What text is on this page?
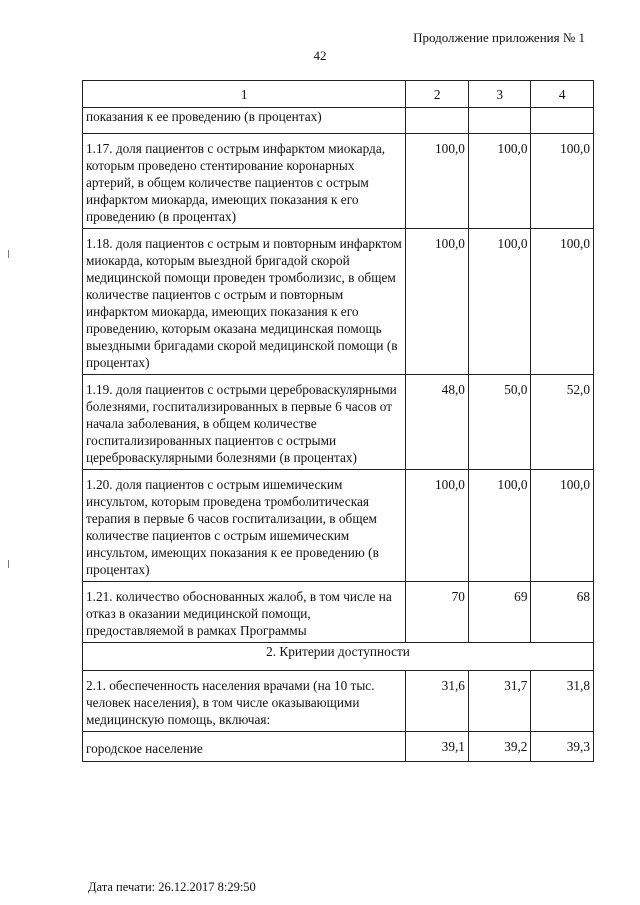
Продолжение приложения № 1
42
1	2	3	4
показания к ее проведению (в процентах)			
1.17. доля пациентов с острым инфарктом миокарда, которым проведено стентирование коронарных артерий, в общем количестве пациентов с острым инфарктом миокарда, имеющих показания к его проведению (в процентах)	100,0	100,0	100,0
1.18. доля пациентов с острым и повторным инфарктом миокарда, которым выездной бригадой скорой медицинской помощи проведен тромболизис, в общем количестве пациентов с острым и повторным инфарктом миокарда, имеющих показания к его проведению, которым оказана медицинская помощь выездными бригадами скорой медицинской помощи (в процентах)	100,0	100,0	100,0
1.19. доля пациентов с острыми цереброваскулярными болезнями, госпитализированных в первые 6 часов от начала заболевания, в общем количестве госпитализированных пациентов с острыми цереброваскулярными болезнями (в процентах)	48,0	50,0	52,0
1.20. доля пациентов с острым ишемическим инсультом, которым проведена тромболитическая терапия в первые 6 часов госпитализации, в общем количестве пациентов с острым ишемическим инсультом, имеющих показания к ее проведению (в процентах)	100,0	100,0	100,0
1.21. количество обоснованных жалоб, в том числе на отказ в оказании медицинской помощи, предоставляемой в рамках Программы	70	69	68
2. Критерии доступности			
2.1. обеспеченность населения врачами (на 10 тыс. человек населения), в том числе оказывающими медицинскую помощь, включая:	31,6	31,7	31,8
городское население	39,1	39,2	39,3
Дата печати: 26.12.2017 8:29:50
